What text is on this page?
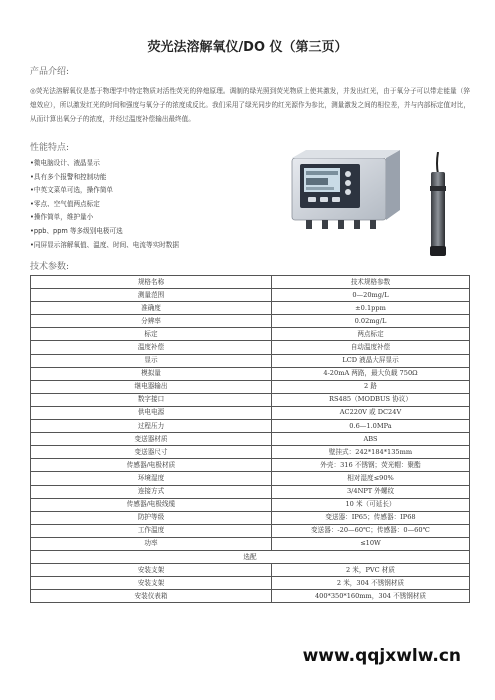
荧光法溶解氧仪/DO 仪（第三页）
产品介绍:
◎荧光法溶解氧仪是基于物理学中特定物质对活性荧光的猝熄原理。调制的绿光照到荧光物质上使其激发，并发出红光，由于氧分子可以带走能量（猝熄效应），所以激发红光的时间和强度与氧分子的浓度成反比。我们采用了绿光同步的红光源作为参比，测量激发之间的相位差，并与内部标定值对比，从而计算出氧分子的浓度，并经过温度补偿输出最终值。
性能特点:
•微电脑设计、液晶显示
•具有多个报警和控制功能
•中英文菜单可选，操作简单
•零点、空气值两点标定
•操作简单，维护量小
•ppb、ppm 等多级别电极可选
•同屏显示溶解氧值、温度、时间、电流等实时数据
技术参数:
规格名称	技术规格参数
测量范围	0—20mg/L
准确度	±0.1ppm
分辨率	0.02mg/L
标定	两点标定
温度补偿	自动温度补偿
显示	LCD 液晶大屏显示
模拟量	4-20mA 两路，最大负载 750Ω
继电器输出	2 路
数字接口	RS485（MODBUS 协议）
供电电源	AC220V 或 DC24V
过程压力	0.6—1.0MPa
变送器材质	ABS
变送器尺寸	壁挂式：242*184*135mm
传感器/电极材质	外壳：316 不锈钢；荧光帽：聚酯
环境湿度	相对湿度≤90%
连接方式	3/4NPT 外螺纹
传感器/电极线缆	10 米（可延长）
防护等级	变送器：IP65；传感器：IP68
工作温度	变送器：-20—60℃；传感器：0—60℃
功率	≤10W
选配	
安装支架	2 米，PVC 材质
安装支架	2 米，304 不锈钢材质
安装仪表箱	400*350*160mm，304 不锈钢材质
www.qqjxwlw.cn
